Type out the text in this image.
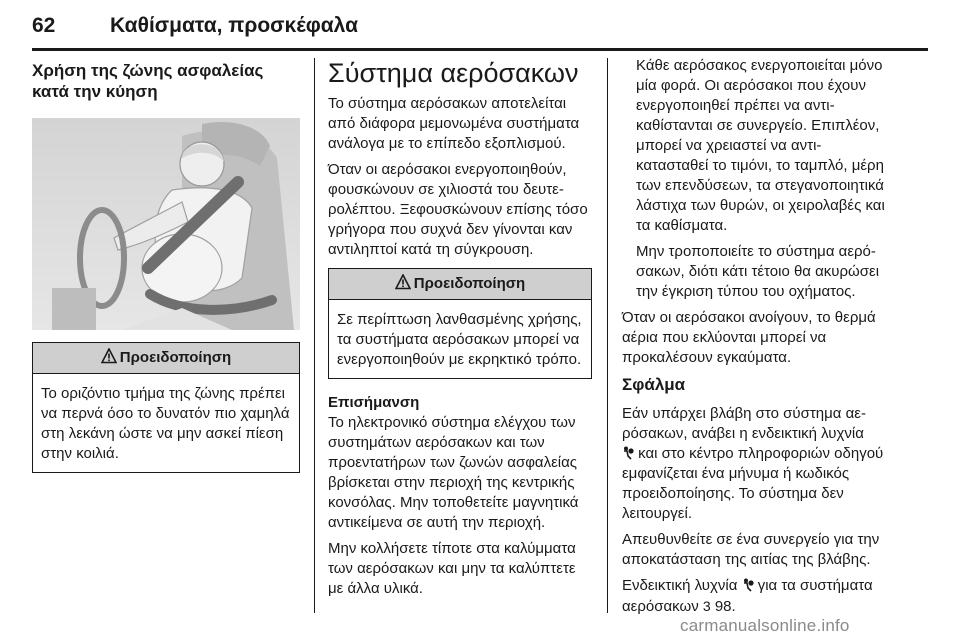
62	Καθίσματα, προσκέφαλα
Χρήση της ζώνης ασφαλείας κατά την κύηση
Προειδοποίηση
Το οριζόντιο τμήμα της ζώνης πρέπει να περνά όσο το δυνατόν πιο χαμηλά στη λεκάνη ώστε να μην ασκεί πίεση στην κοιλιά.
Σύστημα αερόσακων

Το σύστημα αερόσακων αποτελείται από διάφορα μεμονωμένα συστήματα ανάλογα με το επίπεδο εξοπλισμού.

Όταν οι αερόσακοι ενεργοποιηθούν, φουσκώνουν σε χιλιοστά του δευτερολέπτου. Ξεφουσκώνουν επίσης τόσο γρήγορα που συχνά δεν γίνονται καν αντιληπτοί κατά τη σύγκρουση.

Προειδοποίηση
Σε περίπτωση λανθασμένης χρήσης, τα συστήματα αερόσακων μπορεί να ενεργοποιηθούν με εκρηκτικό τρόπο.
Επισήμανση

Το ηλεκτρονικό σύστημα ελέγχου των συστημάτων αερόσακων και των προεντατήρων των ζωνών ασφαλείας βρίσκεται στην περιοχή της κεντρικής κονσόλας. Μην τοποθετείτε μαγνητικά αντικείμενα σε αυτή την περιοχή.

Μην κολλήσετε τίποτε στα καλύμματα των αερόσακων και μην τα καλύπτετε με άλλα υλικά.

Κάθε αερόσακος ενεργοποιείται μόνο μία φορά. Οι αερόσακοι που έχουν ενεργοποιηθεί πρέπει να αντικαθίστανται σε συνεργείο. Επιπλέον, μπορεί να χρειαστεί να αντικατασταθεί το τιμόνι, το ταμπλό, μέρη των επενδύσεων, τα στεγανοποιητικά λάστιχα των θυρών, οι χειρολαβές και τα καθίσματα.

Μην τροποποιείτε το σύστημα αερόσακων, διότι κάτι τέτοιο θα ακυρώσει την έγκριση τύπου του οχήματος.

Όταν οι αερόσακοι ανοίγουν, το θερμά αέρια που εκλύονται μπορεί να προκαλέσουν εγκαύματα.

Σφάλμα

Εάν υπάρχει βλάβη στο σύστημα αερόσακων, ανάβει η ενδεικτική λυχνία
και στο κέντρο πληροφοριών οδηγού εμφανίζεται ένα μήνυμα ή κωδικός προειδοποίησης. Το σύστημα δεν λειτουργεί.

Απευθυνθείτε σε ένα συνεργείο για την αποκατάσταση της αιτίας της βλάβης.

Ενδεικτική λυχνία για τα συστήματα αερόσακων 3 98.

carmanualsonline.info
